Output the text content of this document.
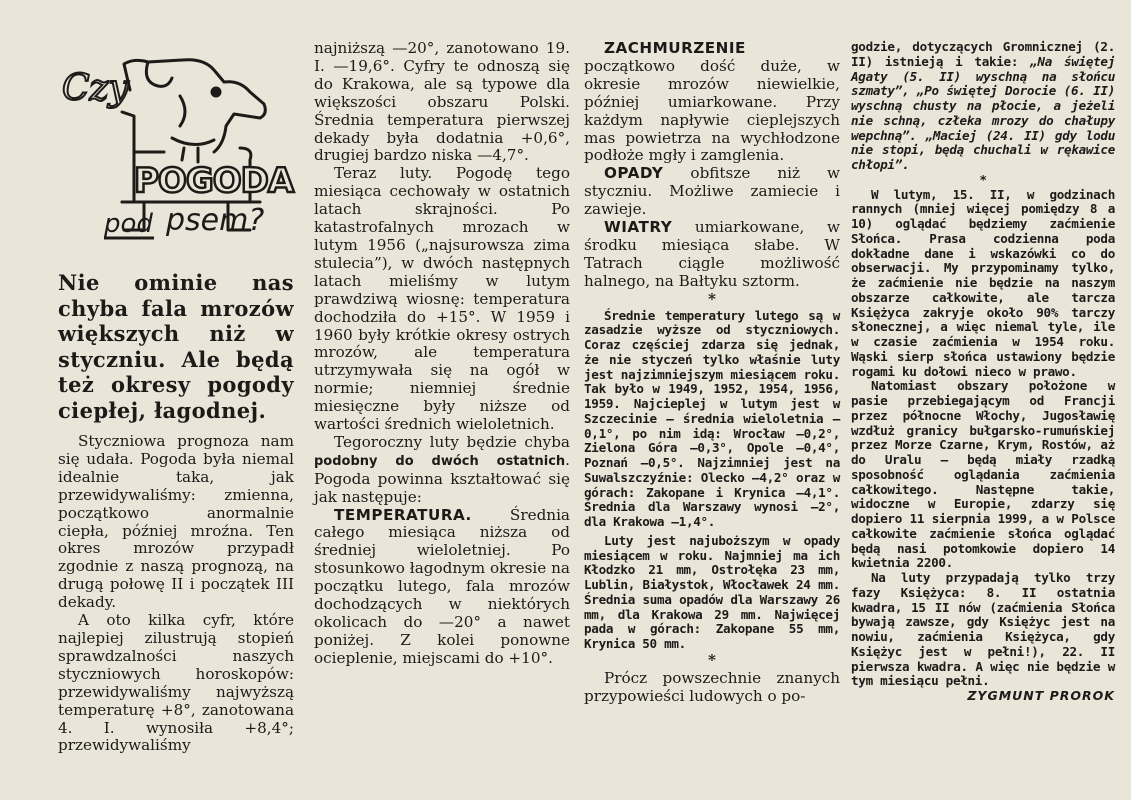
Czy
POGODA
pod psem?

Nie ominie nas chyba fala mrozów większych niż w styczniu. Ale będą też okresy pogody ciepłej, łagodnej.

Styczniowa prognoza nam się udała. Pogoda była niemal idealnie taka, jak przewidywaliśmy: zmienna, początkowo anormalnie ciepła, później mroźna. Ten okres mrozów przypadł zgodnie z naszą prognozą, na drugą połowę II i początek III dekady.

A oto kilka cyfr, które najlepiej zilustrują stopień sprawdzalności naszych styczniowych horoskopów: przewidywaliśmy najwyższą temperaturę +8°, zanotowana 4. I. wynosiła +8,4°; przewidywaliśmy

najniższą —20°, zanotowano 19. I. —19,6°. Cyfry te odnoszą się do Krakowa, ale są typowe dla większości obszaru Polski. Średnia temperatura pierwszej dekady była dodatnia +0,6°, drugiej bardzo niska —4,7°.

Teraz luty. Pogodę tego miesiąca cechowały w ostatnich latach skrajności. Po katastrofalnych mrozach w lutym 1956 („najsurowsza zima stulecia”), w dwóch następnych latach mieliśmy w lutym prawdziwą wiosnę: temperatura dochodziła do +15°. W 1959 i 1960 były krótkie okresy ostrych mrozów, ale temperatura utrzymywała się na ogół w normie; niemniej średnie miesięczne były niższe od wartości średnich wieloletnich.

Tegoroczny luty będzie chyba podobny do dwóch ostatnich. Pogoda powinna kształtować się jak następuje:

TEMPERATURA. Średnia całego miesiąca niższa od średniej wieloletniej. Po stosunkowo łagodnym okresie na początku lutego, fala mrozów dochodzących w niektórych okolicach do —20° a nawet poniżej. Z kolei ponowne ocieplenie, miejscami do +10°.

ZACHMURZENIE początkowo dość duże, w okresie mrozów niewielkie, później umiarkowane. Przy każdym napływie cieplejszych mas powietrza na wychłodzone podłoże mgły i zamglenia.

OPADY obfitsze niż w styczniu. Możliwe zamiecie i zawieje.

WIATRY umiarkowane, w środku miesiąca słabe. W Tatrach ciągle możliwość halnego, na Bałtyku sztorm.

*

Średnie temperatury lutego są w zasadzie wyższe od styczniowych. Coraz częściej zdarza się jednak, że nie styczeń tylko właśnie luty jest najzimniejszym miesiącem roku. Tak było w 1949, 1952, 1954, 1956, 1959. Najcieplej w lutym jest w Szczecinie — średnia wieloletnia —0,1°, po nim idą: Wrocław —0,2°, Zielona Góra —0,3°, Opole —0,4°, Poznań —0,5°. Najzimniej jest na Suwalszczyźnie: Olecko —4,2° oraz w górach: Zakopane i Krynica —4,1°. Średnia dla Warszawy wynosi —2°, dla Krakowa —1,4°.

Luty jest najuboższym w opady miesiącem w roku. Najmniej ma ich Kłodzko 21 mm, Ostrołęka 23 mm, Lublin, Białystok, Włocławek 24 mm. Średnia suma opadów dla Warszawy 26 mm, dla Krakowa 29 mm. Najwięcej pada w górach: Zakopane 55 mm, Krynica 50 mm.

*

Prócz powszechnie znanych przypowieści ludowych o po-

godzie, dotyczących Gromnicznej (2. II) istnieją i takie: „Na świętej Agaty (5. II) wyschną na słońcu szmaty”, „Po świętej Dorocie (6. II) wyschną chusty na płocie, a jeżeli nie schną, człeka mrozy do chałupy wepchną”. „Maciej (24. II) gdy lodu nie stopi, będą chuchali w rękawice chłopi”.

*

W lutym, 15. II, w godzinach rannych (mniej więcej pomiędzy 8 a 10) oglądać będziemy zaćmienie Słońca. Prasa codzienna poda dokładne dane i wskazówki co do obserwacji. My przypominamy tylko, że zaćmienie nie będzie na naszym obszarze całkowite, ale tarcza Księżyca zakryje około 90% tarczy słonecznej, a więc niemal tyle, ile w czasie zaćmienia w 1954 roku. Wąski sierp słońca ustawiony będzie rogami ku dołowi nieco w prawo.

Natomiast obszary położone w pasie przebiegającym od Francji przez północne Włochy, Jugosławię wzdłuż granicy bułgarsko-rumuńskiej przez Morze Czarne, Krym, Rostów, aż do Uralu — będą miały rzadką sposobność oglądania zaćmienia całkowitego. Następne takie, widoczne w Europie, zdarzy się dopiero 11 sierpnia 1999, a w Polsce całkowite zaćmienie słońca oglądać będą nasi potomkowie dopiero 14 kwietnia 2200.

Na luty przypadają tylko trzy fazy Księżyca: 8. II ostatnia kwadra, 15 II nów (zaćmienia Słońca bywają zawsze, gdy Księżyc jest na nowiu, zaćmienia Księżyca, gdy Księżyc jest w pełni!), 22. II pierwsza kwadra. A więc nie będzie w tym miesiącu pełni.

ZYGMUNT PROROK
